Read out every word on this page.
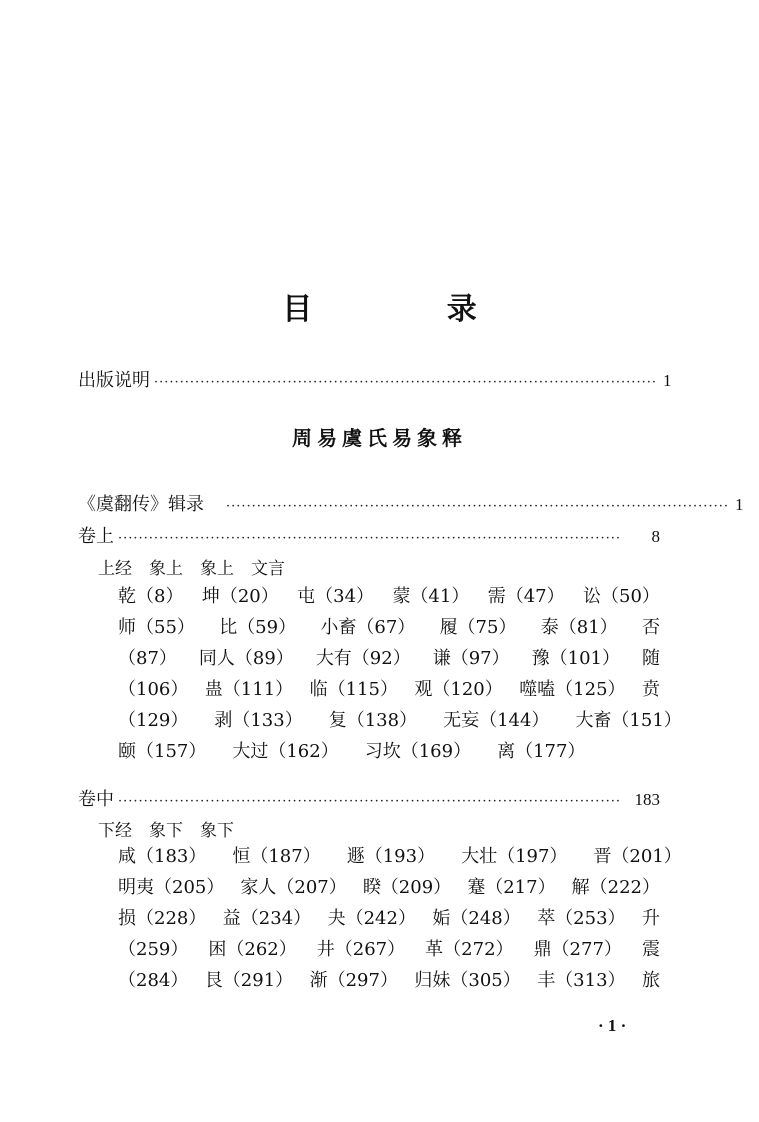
目 录
出版说明 ·································································································· 1
周易虞氏易象释
《虞翻传》辑录 ·································································································· 1
卷上 ··································································································	8
上经　象上　象上　文言
乾（8） 坤（20） 屯（34） 蒙（41） 需（47） 讼（50）
师（55） 比（59） 小畜（67） 履（75） 泰（81） 否
（87） 同人（89） 大有（92） 谦（97） 豫（101） 随
（106） 蛊（111） 临（115） 观（120） 噬嗑（125） 贲
（129） 剥（133） 复（138） 无妄（144） 大畜（151）
颐（157） 大过（162） 习坎（169） 离（177）
卷中 ·································································································· 183
下经　象下　象下
咸（183） 恒（187） 遯（193） 大壮（197） 晋（201）
明夷（205） 家人（207） 睽（209） 蹇（217） 解（222）
损（228） 益（234） 夬（242） 姤（248） 萃（253） 升
（259） 困（262） 井（267） 革（272） 鼎（277） 震
（284） 艮（291） 渐（297） 归妹（305） 丰（313） 旅
· 1 ·
